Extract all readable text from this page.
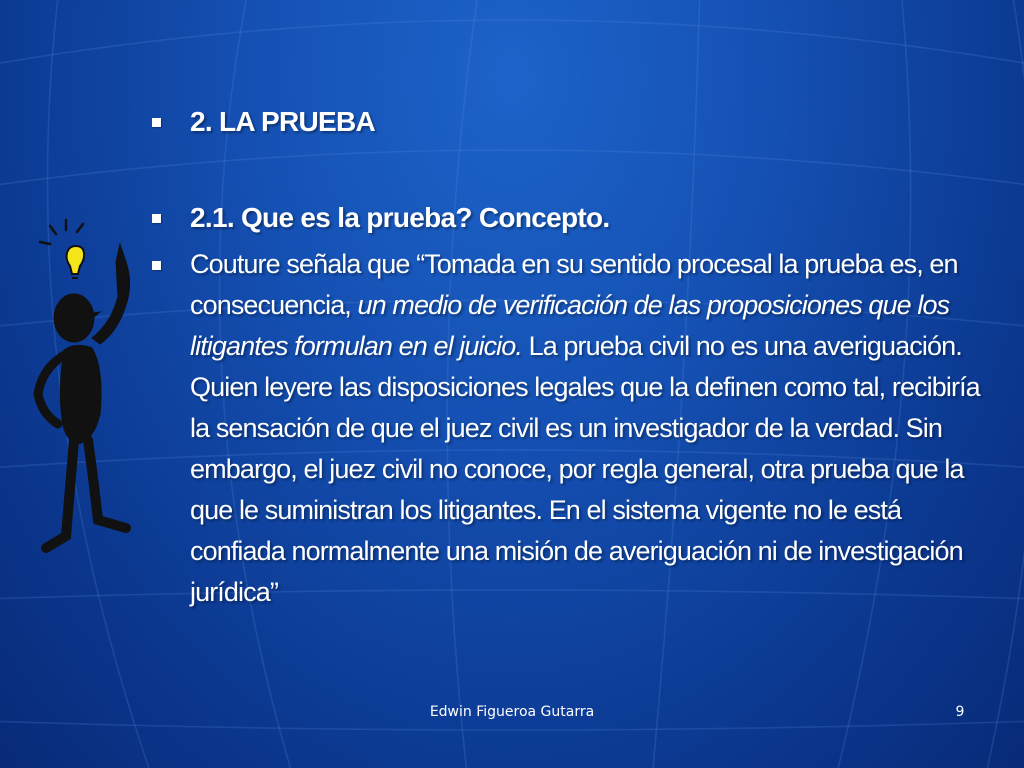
2. LA PRUEBA
2.1. Que es la prueba? Concepto.
Couture señala que “Tomada en su sentido procesal la prueba es, en consecuencia, un medio de verificación de las proposiciones que los litigantes formulan en el juicio. La prueba civil no es una averiguación. Quien leyere las disposiciones legales que la definen como tal, recibiría la sensación de que el juez civil es un investigador de la verdad. Sin embargo, el juez civil no conoce, por regla general, otra prueba que la que le suministran los litigantes. En el sistema vigente no le está confiada normalmente una misión de averiguación ni de investigación jurídica”
Edwin Figueroa Gutarra	9
